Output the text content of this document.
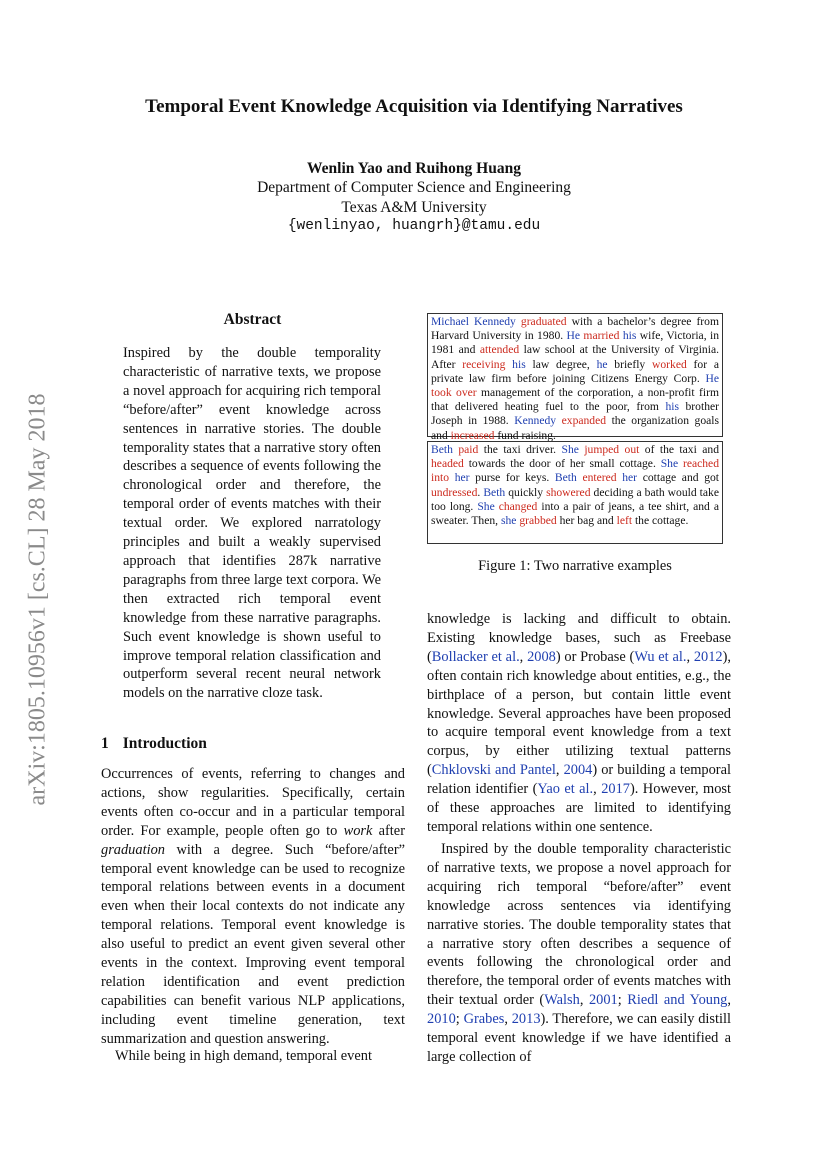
Temporal Event Knowledge Acquisition via Identifying Narratives
Wenlin Yao and Ruihong Huang
Department of Computer Science and Engineering
Texas A&M University
{wenlinyao, huangrh}@tamu.edu
arXiv:1805.10956v1 [cs.CL] 28 May 2018
Abstract
Inspired by the double temporality characteristic of narrative texts, we propose a novel approach for acquiring rich temporal “before/after” event knowledge across sentences in narrative stories. The double temporality states that a narrative story often describes a sequence of events following the chronological order and therefore, the temporal order of events matches with their textual order. We explored narratology principles and built a weakly supervised approach that identifies 287k narrative paragraphs from three large text corpora. We then extracted rich temporal event knowledge from these narrative paragraphs. Such event knowledge is shown useful to improve temporal relation classification and outperform several recent neural network models on the narrative cloze task.
1 Introduction
Occurrences of events, referring to changes and actions, show regularities. Specifically, certain events often co-occur and in a particular temporal order. For example, people often go to work after graduation with a degree. Such “before/after” temporal event knowledge can be used to recognize temporal relations between events in a document even when their local contexts do not indicate any temporal relations. Temporal event knowledge is also useful to predict an event given several other events in the context. Improving event temporal relation identification and event prediction capabilities can benefit various NLP applications, including event timeline generation, text summarization and question answering.
While being in high demand, temporal event
Michael Kennedy graduated with a bachelor’s degree from Harvard University in 1980. He married his wife, Victoria, in 1981 and attended law school at the University of Virginia. After receiving his law degree, he briefly worked for a private law firm before joining Citizens Energy Corp. He took over management of the corporation, a non-profit firm that delivered heating fuel to the poor, from his brother Joseph in 1988. Kennedy expanded the organization goals and increased fund raising.
Beth paid the taxi driver. She jumped out of the taxi and headed towards the door of her small cottage. She reached into her purse for keys. Beth entered her cottage and got undressed. Beth quickly showered deciding a bath would take too long. She changed into a pair of jeans, a tee shirt, and a sweater. Then, she grabbed her bag and left the cottage.
Figure 1: Two narrative examples
knowledge is lacking and difficult to obtain. Existing knowledge bases, such as Freebase (Bollacker et al., 2008) or Probase (Wu et al., 2012), often contain rich knowledge about entities, e.g., the birthplace of a person, but contain little event knowledge. Several approaches have been proposed to acquire temporal event knowledge from a text corpus, by either utilizing textual patterns (Chklovski and Pantel, 2004) or building a temporal relation identifier (Yao et al., 2017). However, most of these approaches are limited to identifying temporal relations within one sentence.
Inspired by the double temporality characteristic of narrative texts, we propose a novel approach for acquiring rich temporal “before/after” event knowledge across sentences via identifying narrative stories. The double temporality states that a narrative story often describes a sequence of events following the chronological order and therefore, the temporal order of events matches with their textual order (Walsh, 2001; Riedl and Young, 2010; Grabes, 2013). Therefore, we can easily distill temporal event knowledge if we have identified a large collection of
